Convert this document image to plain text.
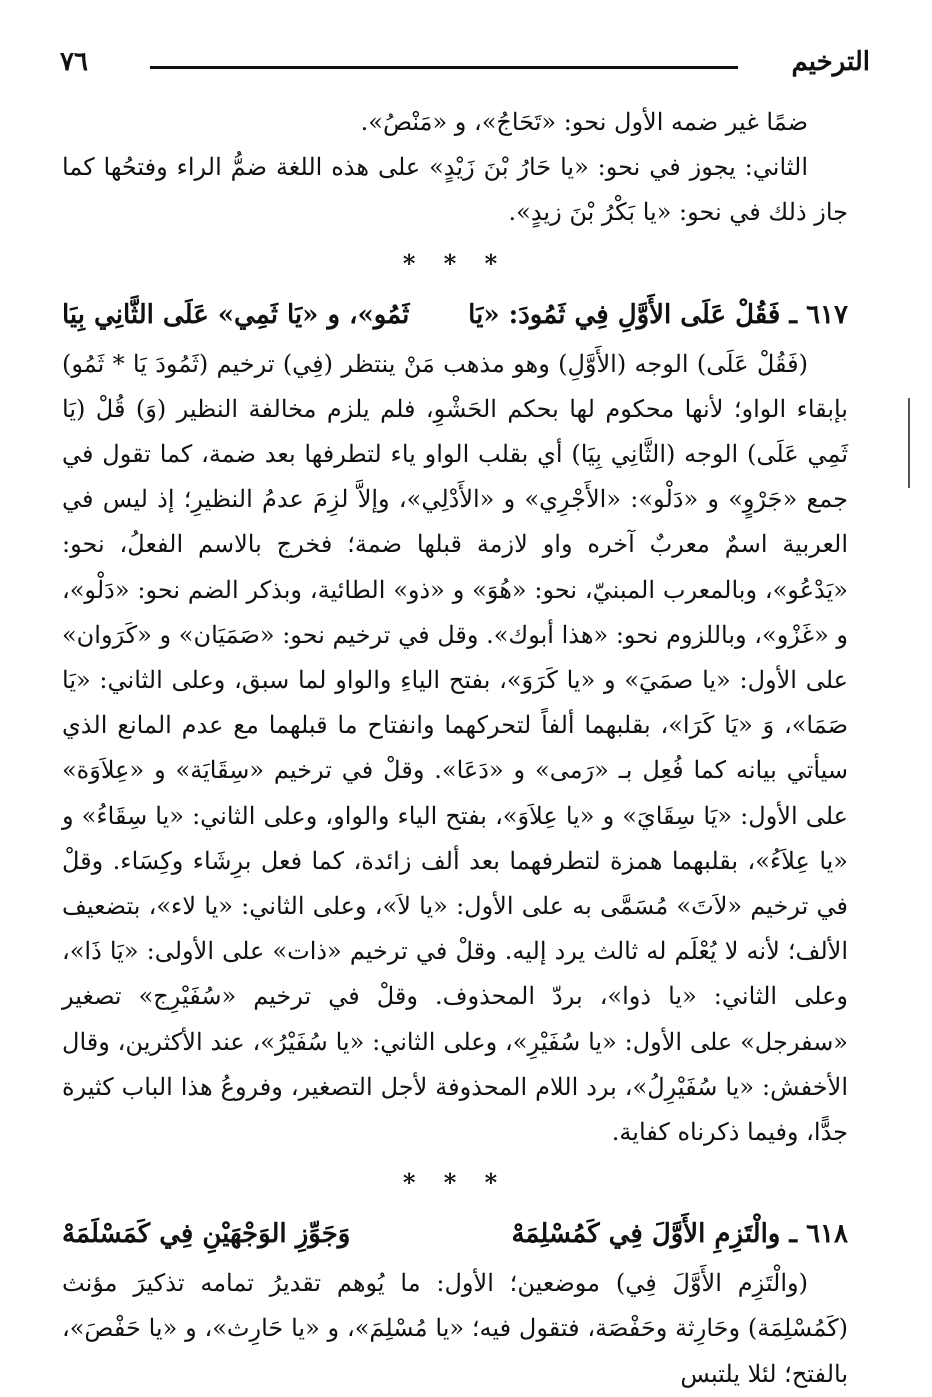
الترخيم
٧٦

ضمًا غير ضمه الأول نحو: «تَحَاجُ»، و «مَنْصُ».

الثاني: يجوز في نحو: «يا حَارُ بْنَ زَيْدٍ» على هذه اللغة ضمُّ الراء وفتحُها كما جاز ذلك في نحو: «يا بَكْرُ بْنَ زيدٍ».

* * *
٦١٧ ـ فَقُلْ عَلَى الأَوَّلِ فِي ثَمُودَ: «يَا
ثَمُو»، و «يَا ثَمِي» عَلَى الثَّانِي بِيَا

(فَقُلْ عَلَى) الوجه (الأَوَّلِ) وهو مذهب مَنْ ينتظر (فِي) ترخيم (ثَمُودَ يَا * ثَمُو) بإبقاء الواو؛ لأنها محكوم لها بحكم الحَشْوِ، فلم يلزم مخالفة النظير (وَ) قُلْ (يَا ثَمِي عَلَى) الوجه (الثَّانِي بِيَا) أي بقلب الواو ياء لتطرفها بعد ضمة، كما تقول في جمع «جَرْوٍ» و «دَلْو»: «الأَجْرِي» و «الأَدْلِي»، وإلاَّ لزِمَ عدمُ النظيرِ؛ إذ ليس في العربية اسمٌ معربٌ آخره واو لازمة قبلها ضمة؛ فخرج بالاسم الفعلُ، نحو: «يَدْعُو»، وبالمعرب المبنيّ، نحو: «هُوَ» و «ذو» الطائية، وبذكر الضم نحو: «دَلْو»، و «غَزْو»، وباللزوم نحو: «هذا أبوك». وقل في ترخيم نحو: «صَمَيَان» و «كَرَوان» على الأول: «يا صمَيَ» و «يا كَرَوَ»، بفتح الياءِ والواو لما سبق، وعلى الثاني: «يَا صَمَا»، وَ «يَا كَرَا»، بقلبهما ألفاً لتحركهما وانفتاح ما قبلهما مع عدم المانع الذي سيأتي بيانه كما فُعِل بـ «رَمى» و «دَعَا». وقلْ في ترخيم «سِقَايَة» و «عِلاَوَة» على الأول: «يَا سِقَايَ» و «يا عِلاَوَ»، بفتح الياء والواو، وعلى الثاني: «يا سِقَاءُ» و «يا عِلاَءُ»، بقلبهما همزة لتطرفهما بعد ألف زائدة، كما فعل برِشَاء وكِسَاء. وقلْ في ترخيم «لاَتَ» مُسَمَّى به على الأول: «يا لاَ»، وعلى الثاني: «يا لاء»، بتضعيف الألف؛ لأنه لا يُعْلَم له ثالث يرد إليه. وقلْ في ترخيم «ذات» على الأولى: «يَا ذَا»، وعلى الثاني: «يا ذوا»، بردّ المحذوف. وقلْ في ترخيم «سُفَيْرِج» تصغير «سفرجل» على الأول: «يا سُفَيْرِ»، وعلى الثاني: «يا سُفَيْرُ»، عند الأكثرين، وقال الأخفش: «يا سُفَيْرِلُ»، برد اللام المحذوفة لأجل التصغير، وفروعُ هذا الباب كثيرة جدًّا، وفيما ذكرناه كفاية.

* * *
٦١٨ ـ والْتَزِمِ الأَوَّلَ فِي كَمُسْلِمَهْ
وَجَوِّزِ الوَجْهَيْنِ فِي كَمَسْلَمَهْ

(والْتَزِم الأَوَّلَ فِي) موضعين؛ الأول: ما يُوهم تقديرُ تمامه تذكيرَ مؤنث (كَمُسْلِمَة) وحَارِثة وحَفْصَة، فتقول فيه؛ «يا مُسْلِمَ»، و «يا حَارِث»، و «يا حَفْصَ»، بالفتح؛ لئلا يلتبس
